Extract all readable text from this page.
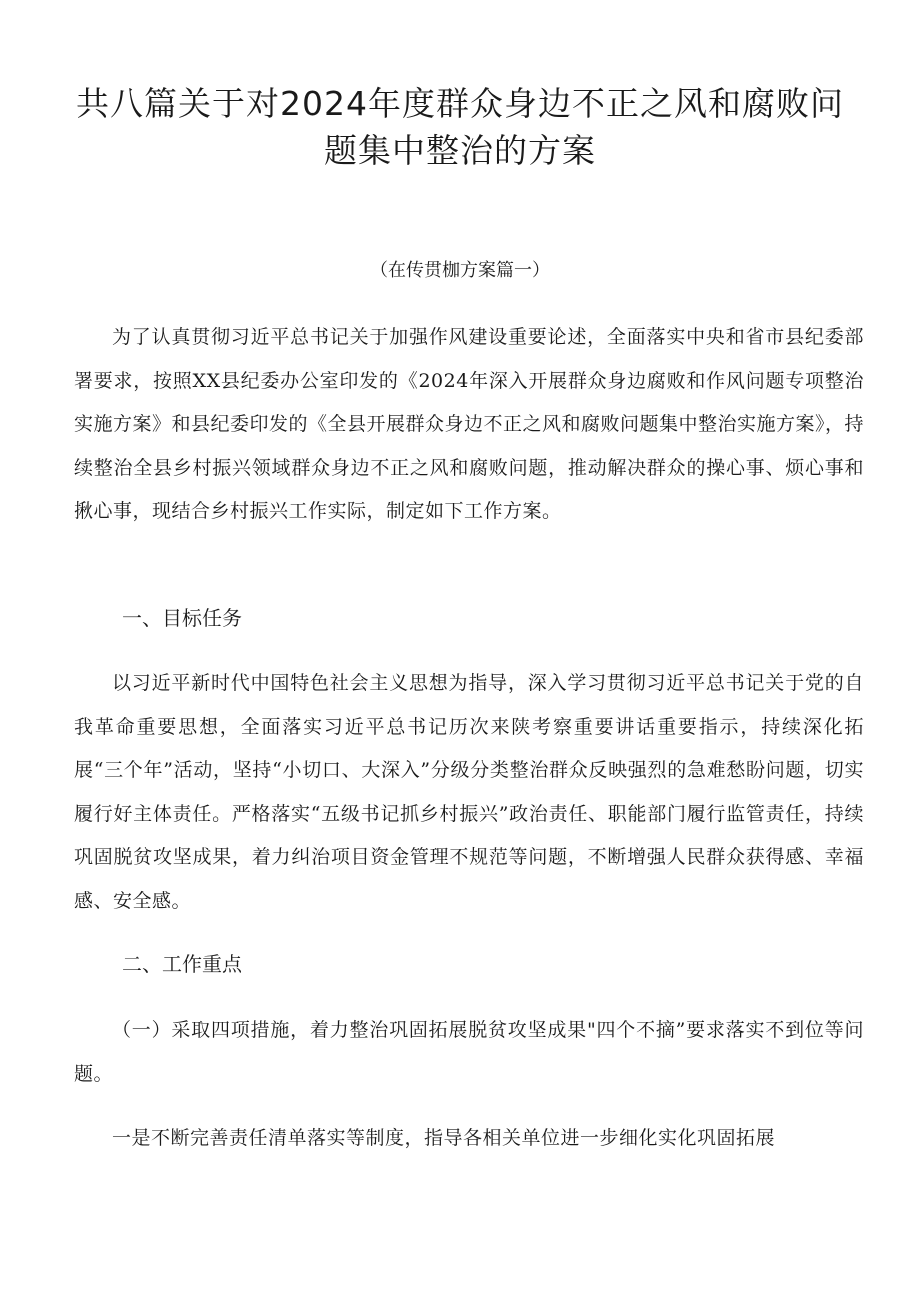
共八篇关于对2024年度群众身边不正之风和腐败问题集中整治的方案

（在传贯枷方案篇一）

为了认真贯彻习近平总书记关于加强作风建设重要论述，全面落实中央和省市县纪委部署要求，按照XX县纪委办公室印发的《2024年深入开展群众身边腐败和作风问题专项整治实施方案》和县纪委印发的《全县开展群众身边不正之风和腐败问题集中整治实施方案》，持续整治全县乡村振兴领域群众身边不正之风和腐败问题，推动解决群众的操心事、烦心事和揪心事，现结合乡村振兴工作实际，制定如下工作方案。

一、目标任务

以习近平新时代中国特色社会主义思想为指导，深入学习贯彻习近平总书记关于党的自我革命重要思想，全面落实习近平总书记历次来陕考察重要讲话重要指示，持续深化拓展“三个年”活动，坚持“小切口、大深入”分级分类整治群众反映强烈的急难愁盼问题，切实履行好主体责任。严格落实“五级书记抓乡村振兴”政治责任、职能部门履行监管责任，持续巩固脱贫攻坚成果，着力纠治项目资金管理不规范等问题，不断增强人民群众获得感、幸福感、安全感。

二、工作重点

（一）采取四项措施，着力整治巩固拓展脱贫攻坚成果"四个不摘”要求落实不到位等问题。

一是不断完善责任清单落实等制度，指导各相关单位进一步细化实化巩固拓展
